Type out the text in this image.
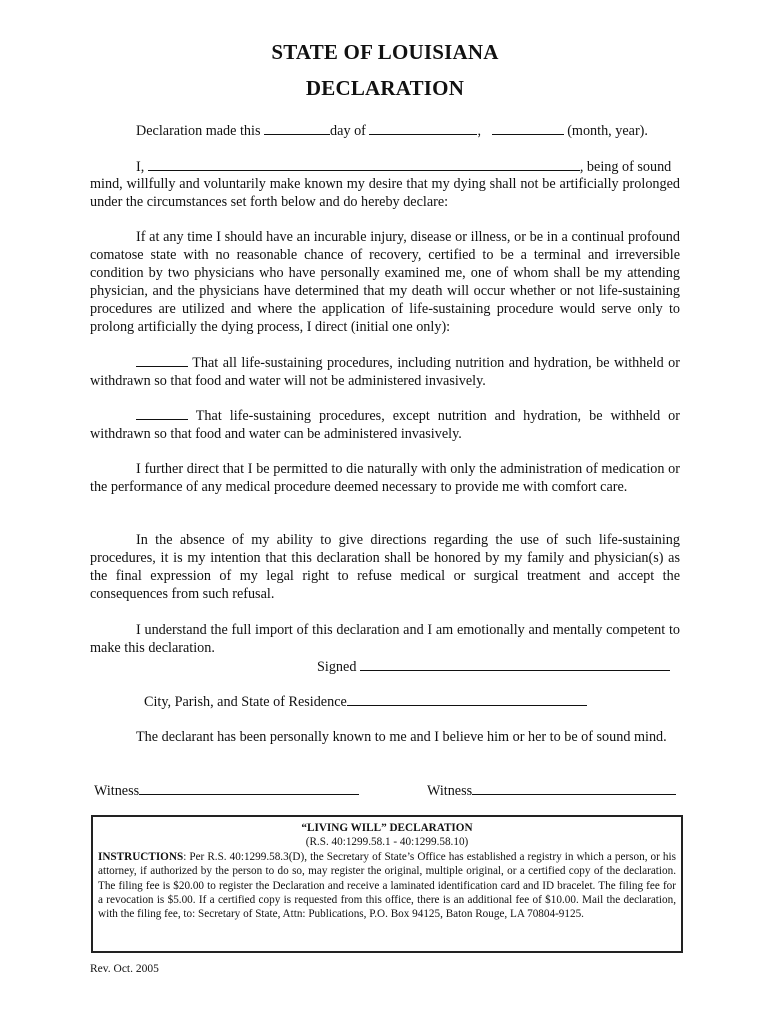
STATE OF LOUISIANA
DECLARATION
Declaration made this	day of	,	(month, year).
I,	, being of sound
mind, willfully and voluntarily make known my desire that my dying shall not be artificially prolonged under the circumstances set forth below and do hereby declare:
If at any time I should have an incurable injury, disease or illness, or be in a continual profound comatose state with no reasonable chance of recovery, certified to be a terminal and irreversible condition by two physicians who have personally examined me, one of whom shall be my attending physician, and the physicians have determined that my death will occur whether or not life-sustaining procedures are utilized and where the application of life-sustaining procedure would serve only to prolong artificially the dying process, I direct (initial one only):
That all life-sustaining procedures, including nutrition and hydration, be withheld or withdrawn so that food and water will not be administered invasively.
That life-sustaining procedures, except nutrition and hydration, be withheld or withdrawn so that food and water can be administered invasively.
I further direct that I be permitted to die naturally with only the administration of medication or the performance of any medical procedure deemed necessary to provide me with comfort care.
In the absence of my ability to give directions regarding the use of such life-sustaining procedures, it is my intention that this declaration shall be honored by my family and physician(s) as the final expression of my legal right to refuse medical or surgical treatment and accept the consequences from such refusal.
I understand the full import of this declaration and I am emotionally and mentally competent to make this declaration.
Signed
City, Parish, and State of Residence
The declarant has been personally known to me and I believe him or her to be of sound mind.
Witness	Witness
“LIVING WILL” DECLARATION
(R.S. 40:1299.58.1 - 40:1299.58.10)
INSTRUCTIONS: Per R.S. 40:1299.58.3(D), the Secretary of State’s Office has established a registry in which a person, or his attorney, if authorized by the person to do so, may register the original, multiple original, or a certified copy of the declaration. The filing fee is $20.00 to register the Declaration and receive a laminated identification card and ID bracelet. The filing fee for a revocation is $5.00. If a certified copy is requested from this office, there is an additional fee of $10.00. Mail the declaration, with the filing fee, to: Secretary of State, Attn: Publications, P.O. Box 94125, Baton Rouge, LA 70804-9125.
Rev. Oct. 2005
